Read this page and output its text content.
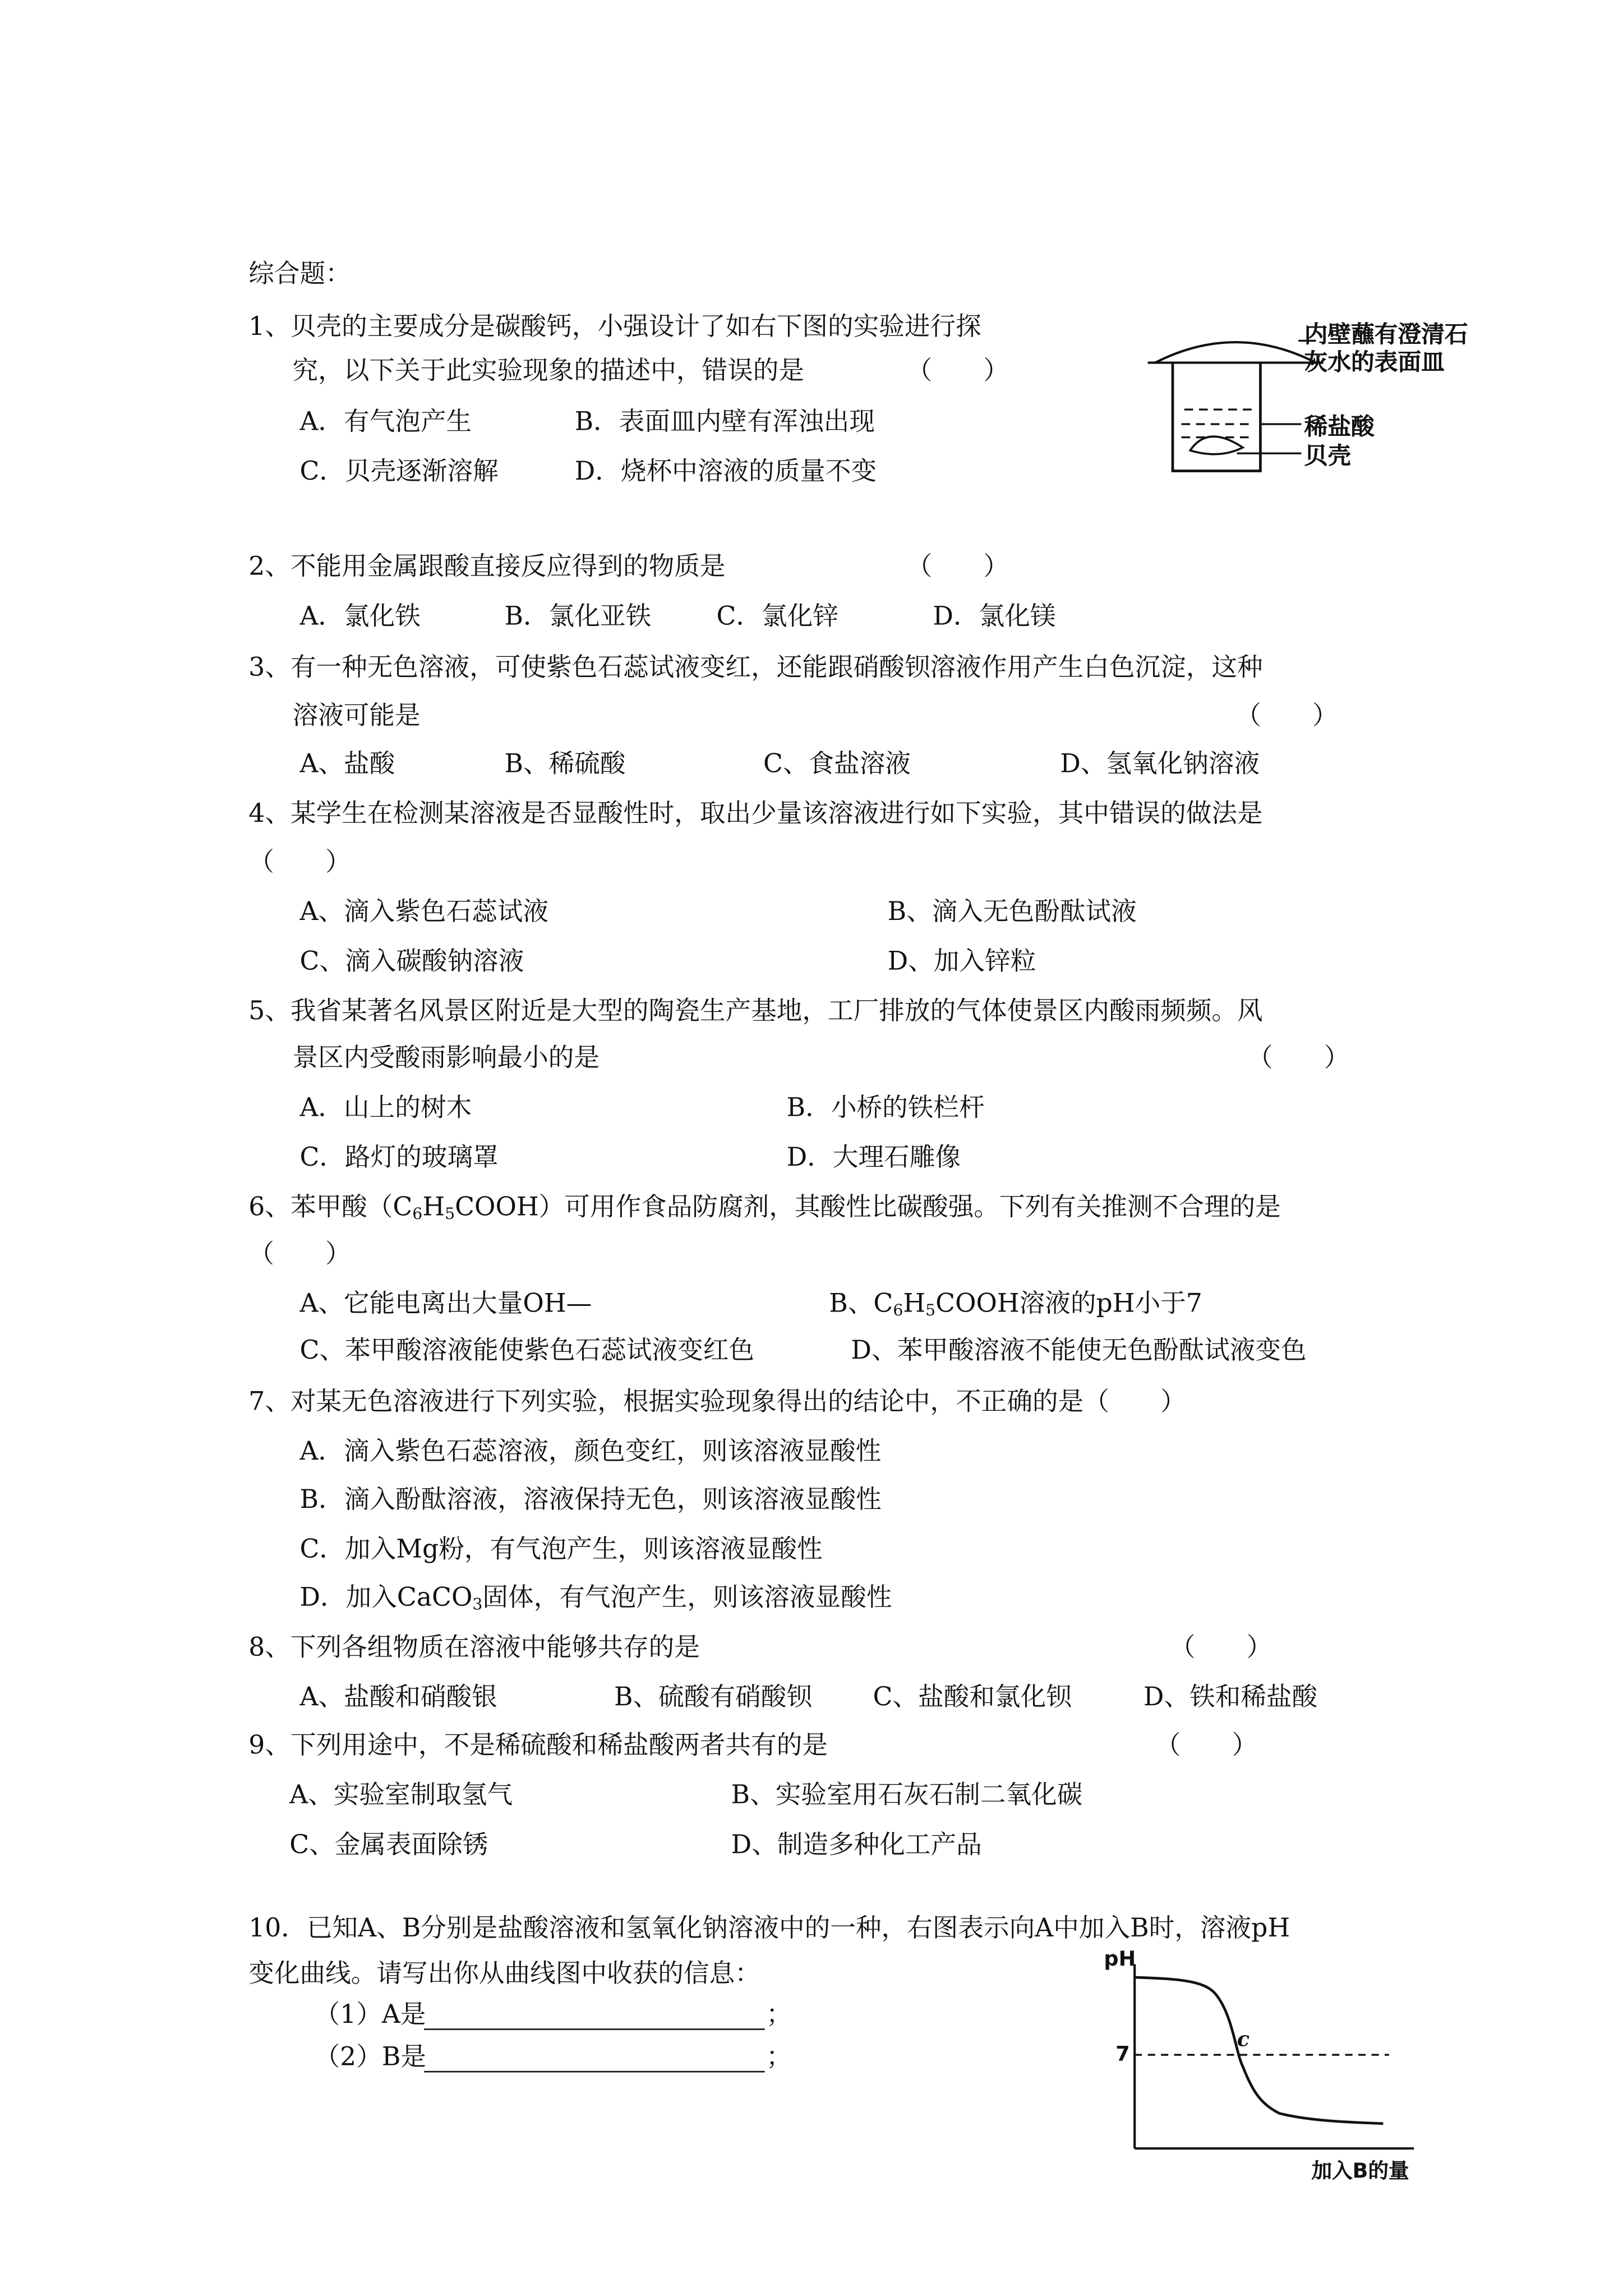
综合题：
1、贝壳的主要成分是碳酸钙，小强设计了如右下图的实验进行探
究，以下关于此实验现象的描述中，错误的是	（　　）
A．有气泡产生	B．表面皿内壁有浑浊出现
C．贝壳逐渐溶解	D．烧杯中溶液的质量不变
内壁蘸有澄清石
灰水的表面皿
稀盐酸
贝壳
2、不能用金属跟酸直接反应得到的物质是	（　　）
A．氯化铁	B．氯化亚铁	C．氯化锌	D．氯化镁
3、有一种无色溶液，可使紫色石蕊试液变红，还能跟硝酸钡溶液作用产生白色沉淀，这种
溶液可能是	（　　）
A、盐酸	B、稀硫酸	C、食盐溶液	D、氢氧化钠溶液
4、某学生在检测某溶液是否显酸性时，取出少量该溶液进行如下实验，其中错误的做法是
（　　）
A、滴入紫色石蕊试液	B、滴入无色酚酞试液
C、滴入碳酸钠溶液	D、加入锌粒
5、我省某著名风景区附近是大型的陶瓷生产基地，工厂排放的气体使景区内酸雨频频。风
景区内受酸雨影响最小的是	（　　）
A．山上的树木	B．小桥的铁栏杆
C．路灯的玻璃罩	D．大理石雕像
6、苯甲酸$(C_6H_5COOH)$可用作食品防腐剂，其酸性比碳酸强。下列有关推测不合理的是
（　　）
A、它能电离出大量OH—	B、$C_6H_5COOH$溶液的pH小于7
C、苯甲酸溶液能使紫色石蕊试液变红色	D、苯甲酸溶液不能使无色酚酞试液变色
7、对某无色溶液进行下列实验，根据实验现象得出的结论中，不正确的是（　　）
A．滴入紫色石蕊溶液，颜色变红，则该溶液显酸性
B．滴入酚酞溶液，溶液保持无色，则该溶液显酸性
C．加入Mg粉，有气泡产生，则该溶液显酸性
D．加入CaCO$_3$固体，有气泡产生，则该溶液显酸性
8、下列各组物质在溶液中能够共存的是	（　　）
A、盐酸和硝酸银	B、硫酸有硝酸钡	C、盐酸和氯化钡	D、铁和稀盐酸
9、下列用途中，不是稀硫酸和稀盐酸两者共有的是	（　　）
A、实验室制取氢气	B、实验室用石灰石制二氧化碳
C、金属表面除锈	D、制造多种化工产品
10．已知A、B分别是盐酸溶液和氢氧化钠溶液中的一种，右图表示向A中加入B时，溶液pH
变化曲线。请写出你从曲线图中收获的信息：
（1）A是	；
（2）B是	；
pH
7
c
加入B的量
